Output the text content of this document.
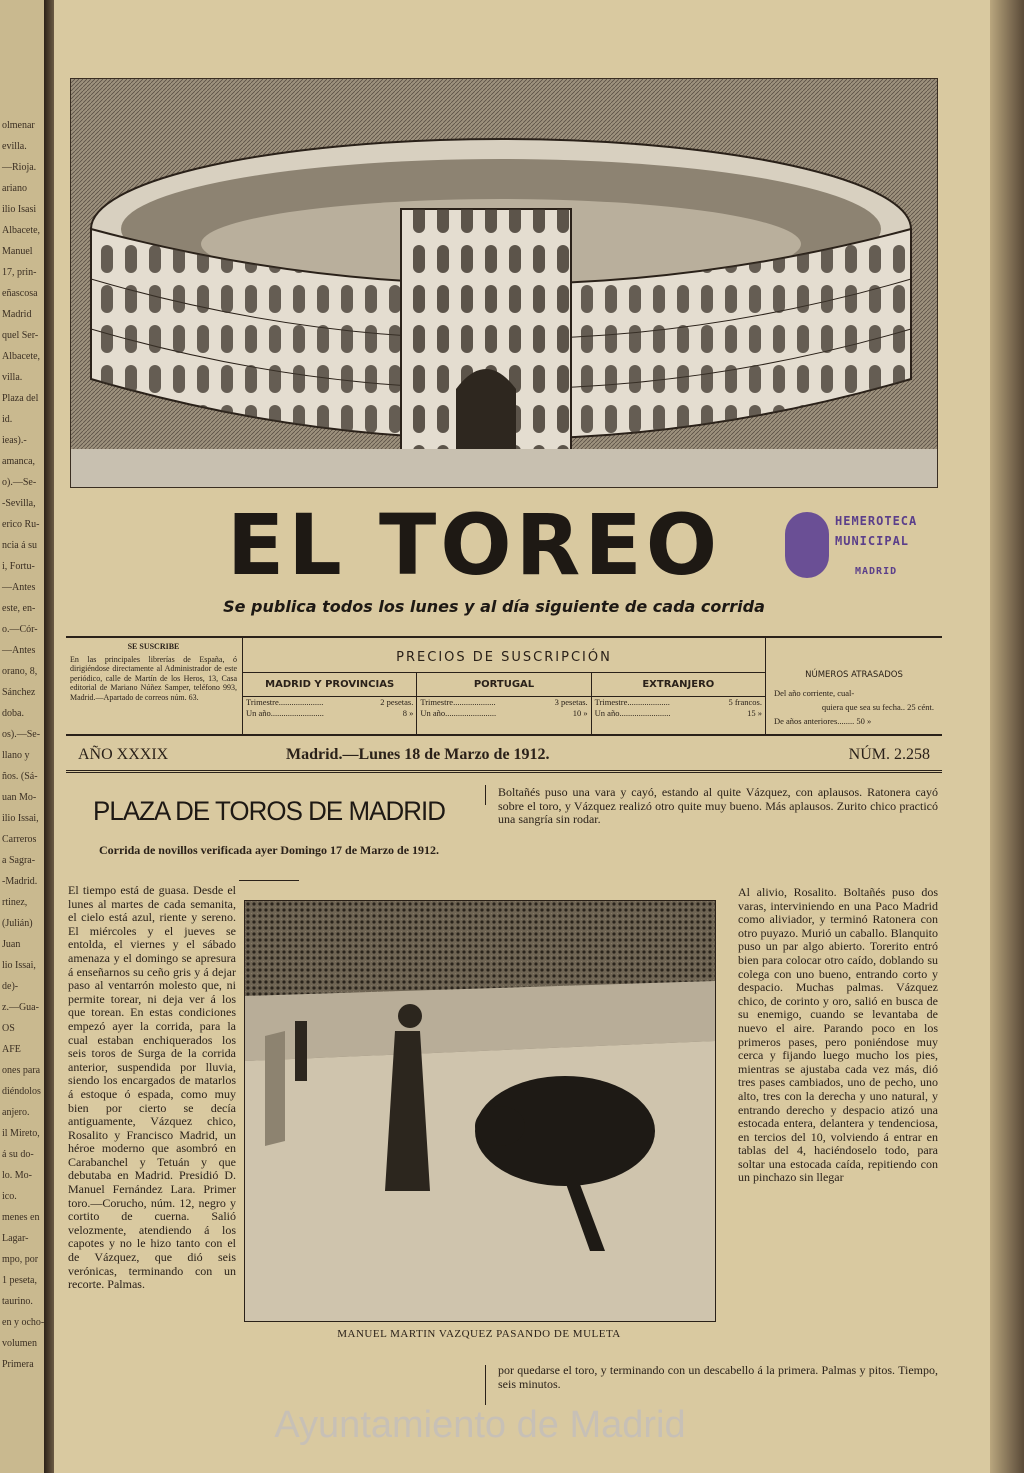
olmenar
evilla.
—Rioja.
ariano
ilio Isasi
Albacete,
Manuel
17, prin-
eñascosa
Madrid
quel Ser-
Albacete,
villa.
Plaza del
id.
ieas).-
amanca,
o).—Se-
-Sevilla,
erico Ru-
ncia á su
i, Fortu-
—Antes
este, en-
o.—Cór-
—Antes
orano, 8,
Sánchez
doba.
os).—Se-
llano y
ños. (Sá-
uan Mo-
ilio Issai,
Carreros
a Sagra-
-Madrid.
rtinez,
(Julián)
Juan
lio Issai,
de)-
z.—Gua-
OS
AFE
ones para
diéndolos
anjero.
il Mireto,
á su do-
lo. Mo-
ico.
menes en
Lagar-
mpo, por
1 peseta,
taurino.
en y ocho-
volumen
Primera
EL TOREO	HEMEROTECA
MUNICIPAL
MADRID
Se publica todos los lunes y al día siguiente de cada corrida
SE SUSCRIBE
En las principales librerías de España, ó dirigiéndose directamente al Administrador de este periódico, calle de Martín de los Heros, 13, Casa editorial de Mariano Núñez Samper, teléfono 993, Madrid.—Apartado de correos núm. 63.
PRECIOS DE SUSCRIPCIÓN
MADRID Y PROVINCIAS
Trimestre.....................	2 pesetas.
Un año.........................	8 »
PORTUGAL
Trimestre....................	3 pesetas.
Un año........................	10 »
EXTRANJERO
Trimestre....................	5 francos.
Un año........................	15 »
NÚMEROS ATRASADOS
Del año corriente, cual-
quiera que sea su fecha.. 25 cént.
De años anteriores........ 50 »
AÑO XXXIX	Madrid.—Lunes 18 de Marzo de 1912.	NÚM. 2.258
PLAZA DE TOROS DE MADRID
Corrida de novillos verificada ayer Domingo 17 de Marzo de 1912.
El tiempo está de guasa. Desde el lunes al martes de cada semanita, el cielo está azul, riente y sereno. El miércoles y el jueves se entolda, el viernes y el sábado amenaza y el domingo se apresura á enseñarnos su ceño gris y á dejar paso al ventarrón molesto que, ni permite torear, ni deja ver á los que torean. En estas condiciones empezó ayer la corrida, para la cual estaban enchiquerados los seis toros de Surga de la corrida anterior, suspendida por lluvia, siendo los encargados de matarlos á estoque ó espada, como muy bien por cierto se decía antiguamente, Vázquez chico, Rosalito y Francisco Madrid, un héroe moderno que asombró en Carabanchel y Tetuán y que debutaba en Madrid. Presidió D. Manuel Fernández Lara. Primer toro.—Corucho, núm. 12, negro y cortito de cuerna. Salió velozmente, atendiendo á los capotes y no le hizo tanto con el de Vázquez, que dió seis verónicas, terminando con un recorte. Palmas.
Boltañés puso una vara y cayó, estando al quite Vázquez, con aplausos. Ratonera cayó sobre el toro, y Vázquez realizó otro quite muy bueno. Más aplausos. Zurito chico practicó una sangría sin rodar.
Al alivio, Rosalito. Boltañés puso dos varas, interviniendo en una Paco Madrid como aliviador, y terminó Ratonera con otro puyazo. Murió un caballo. Blanquito puso un par algo abierto. Torerito entró bien para colocar otro caído, doblando su colega con uno bueno, entrando corto y despacio. Muchas palmas. Vázquez chico, de corinto y oro, salió en busca de su enemigo, cuando se levantaba de nuevo el aire. Parando poco en los primeros pases, pero poniéndose muy cerca y fijando luego mucho los pies, mientras se ajustaba cada vez más, dió tres pases cambiados, uno de pecho, uno alto, tres con la derecha y uno natural, y entrando derecho y despacio atizó una estocada entera, delantera y tendenciosa, en tercios del 10, volviendo á entrar en tablas del 4, haciéndoselo todo, para soltar una estocada caída, repitiendo con un pinchazo sin llegar
MANUEL MARTIN VAZQUEZ PASANDO DE MULETA
por quedarse el toro, y terminando con un descabello á la primera. Palmas y pitos. Tiempo, seis minutos.
Ayuntamiento de Madrid
